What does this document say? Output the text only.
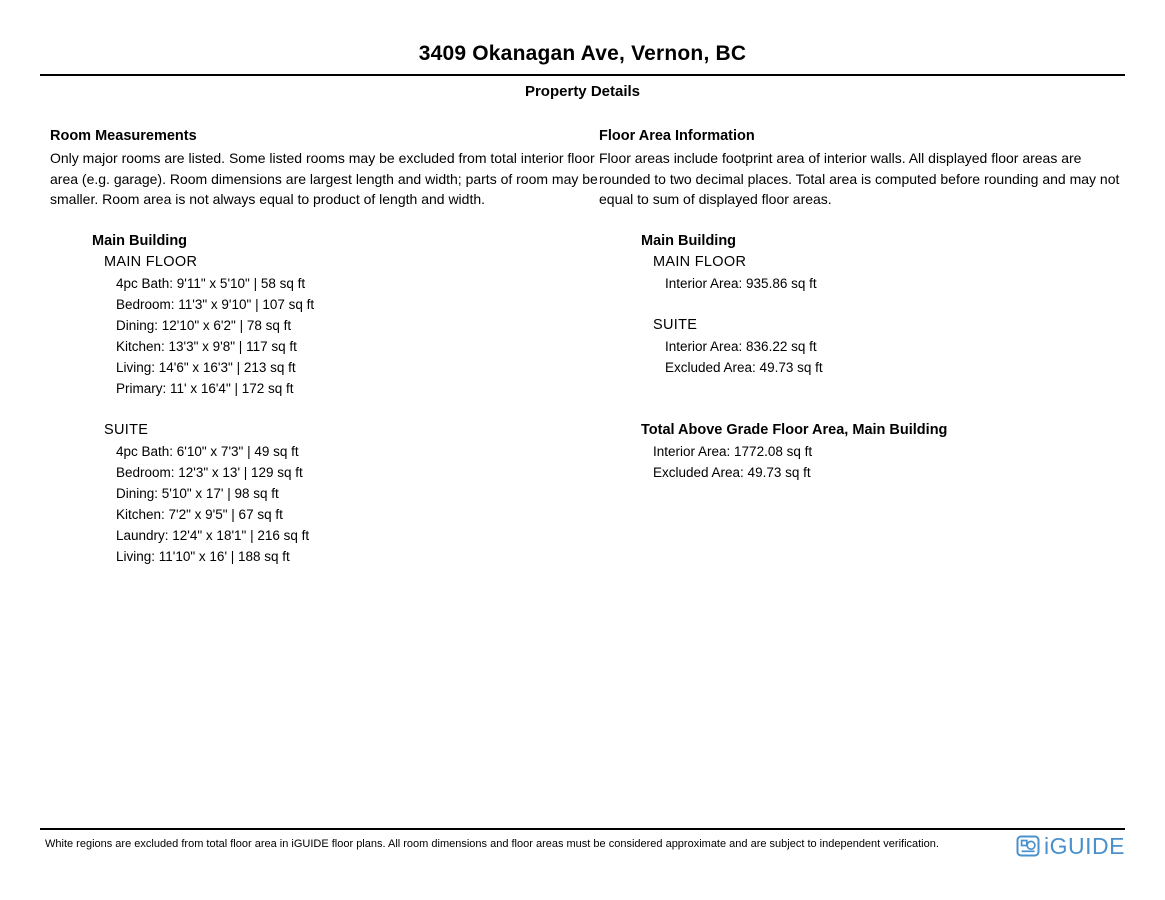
3409 Okanagan Ave, Vernon, BC
Property Details
Room Measurements
Only major rooms are listed. Some listed rooms may be excluded from total interior floor area (e.g. garage). Room dimensions are largest length and width; parts of room may be smaller. Room area is not always equal to product of length and width.
Main Building
MAIN FLOOR
4pc Bath: 9'11" x 5'10" | 58 sq ft
Bedroom: 11'3" x 9'10" | 107 sq ft
Dining: 12'10" x 6'2" | 78 sq ft
Kitchen: 13'3" x 9'8" | 117 sq ft
Living: 14'6" x 16'3" | 213 sq ft
Primary: 11' x 16'4" | 172 sq ft
SUITE
4pc Bath: 6'10" x 7'3" | 49 sq ft
Bedroom: 12'3" x 13' | 129 sq ft
Dining: 5'10" x 17' | 98 sq ft
Kitchen: 7'2" x 9'5" | 67 sq ft
Laundry: 12'4" x 18'1" | 216 sq ft
Living: 11'10" x 16' | 188 sq ft
Floor Area Information
Floor areas include footprint area of interior walls. All displayed floor areas are rounded to two decimal places. Total area is computed before rounding and may not equal to sum of displayed floor areas.
Main Building
MAIN FLOOR
Interior Area: 935.86 sq ft
SUITE
Interior Area: 836.22 sq ft
Excluded Area: 49.73 sq ft
Total Above Grade Floor Area, Main Building
Interior Area: 1772.08 sq ft
Excluded Area: 49.73 sq ft
White regions are excluded from total floor area in iGUIDE floor plans. All room dimensions and floor areas must be considered approximate and are subject to independent verification.	iGUIDE
